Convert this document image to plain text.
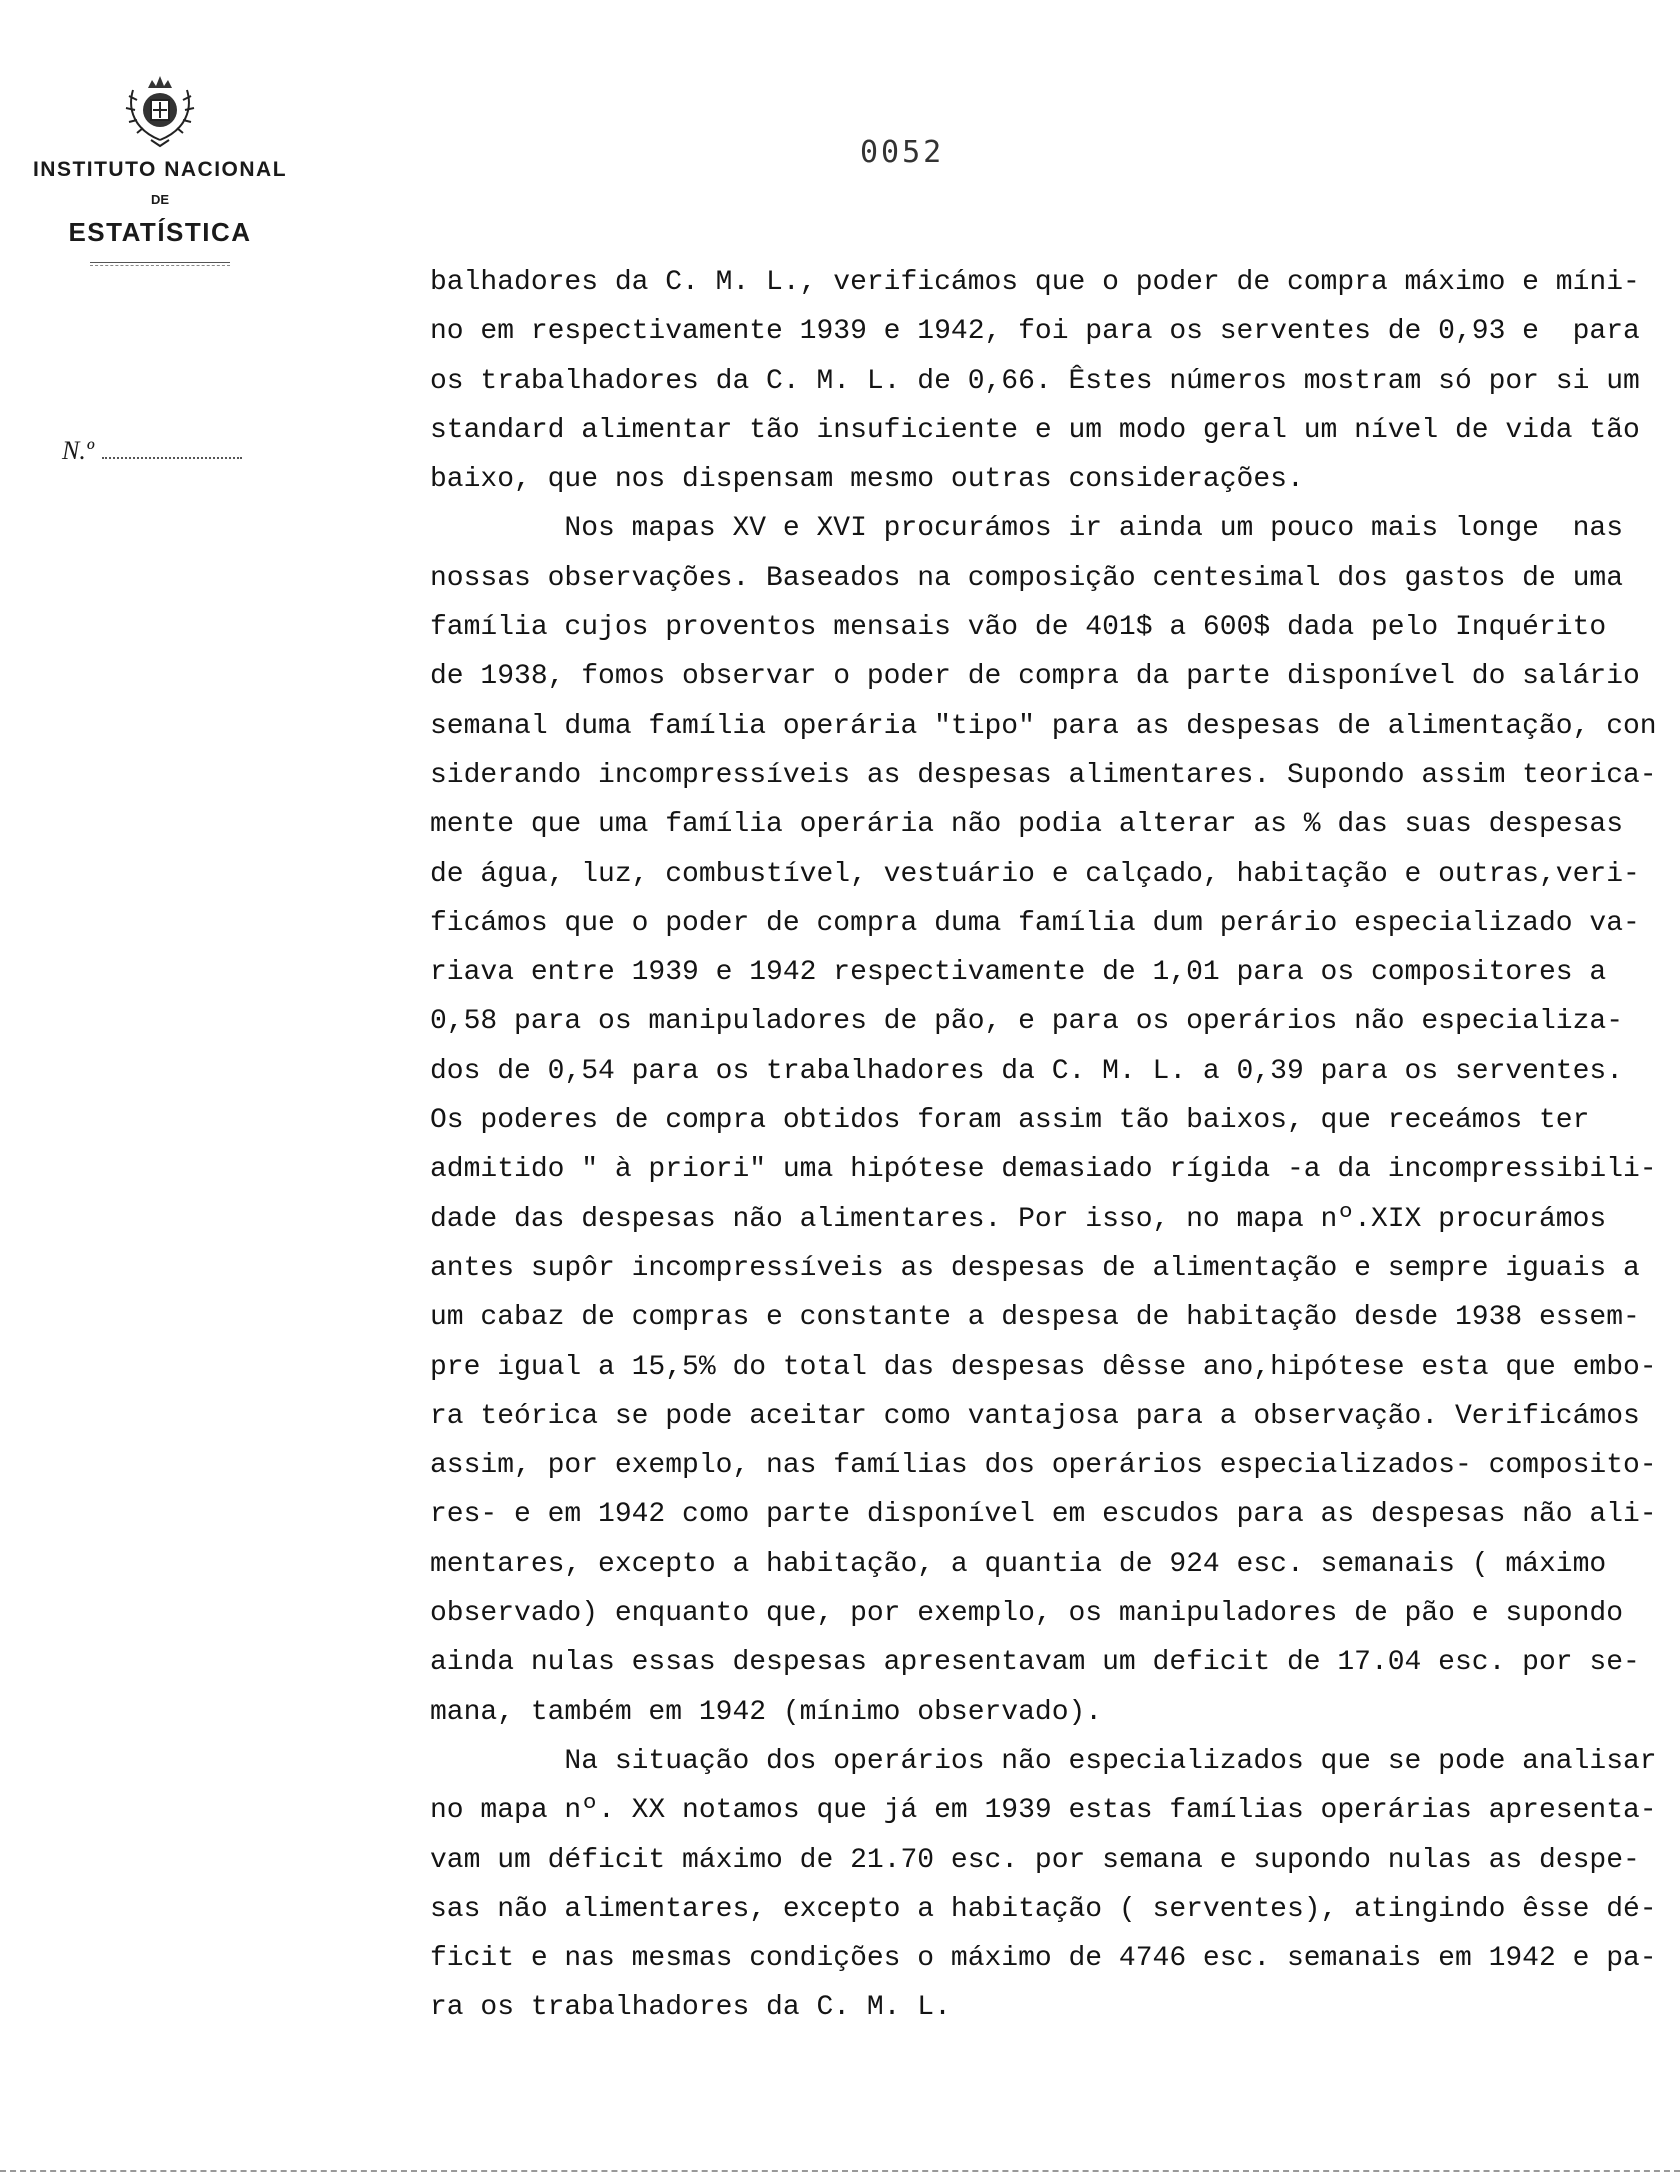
INSTITUTO NACIONAL
DE
ESTATÍSTICA
N.º
0052
balhadores da C. M. L., verificámos que o poder de compra máximo e míni-
no em respectivamente 1939 e 1942, foi para os serventes de 0,93 e  para
os trabalhadores da C. M. L. de 0,66. Êstes números mostram só por si um
standard alimentar tão insuficiente e um modo geral um nível de vida tão
baixo, que nos dispensam mesmo outras considerações.
Nos mapas XV e XVI procurámos ir ainda um pouco mais longe  nas
nossas observações. Baseados na composição centesimal dos gastos de uma
família cujos proventos mensais vão de 401$ a 600$ dada pelo Inquérito
de 1938, fomos observar o poder de compra da parte disponível do salário
semanal duma família operária "tipo" para as despesas de alimentação, con
siderando incompressíveis as despesas alimentares. Supondo assim teorica-
mente que uma família operária não podia alterar as % das suas despesas
de água, luz, combustível, vestuário e calçado, habitação e outras,veri-
ficámos que o poder de compra duma família dum perário especializado va-
riava entre 1939 e 1942 respectivamente de 1,01 para os compositores a
0,58 para os manipuladores de pão, e para os operários não especializa-
dos de 0,54 para os trabalhadores da C. M. L. a 0,39 para os serventes.
Os poderes de compra obtidos foram assim tão baixos, que receámos ter
admitido " à priori" uma hipótese demasiado rígida -a da incompressibili-
dade das despesas não alimentares. Por isso, no mapa nº.XIX procurámos
antes supôr incompressíveis as despesas de alimentação e sempre iguais a
um cabaz de compras e constante a despesa de habitação desde 1938 essem-
pre igual a 15,5% do total das despesas dêsse ano,hipótese esta que embo-
ra teórica se pode aceitar como vantajosa para a observação. Verificámos
assim, por exemplo, nas famílias dos operários especializados- composito-
res- e em 1942 como parte disponível em escudos para as despesas não ali-
mentares, excepto a habitação, a quantia de 924 esc. semanais ( máximo
observado) enquanto que, por exemplo, os manipuladores de pão e supondo
ainda nulas essas despesas apresentavam um deficit de 17.04 esc. por se-
mana, também em 1942 (mínimo observado).
Na situação dos operários não especializados que se pode analisar
no mapa nº. XX notamos que já em 1939 estas famílias operárias apresenta-
vam um déficit máximo de 21.70 esc. por semana e supondo nulas as despe-
sas não alimentares, excepto a habitação ( serventes), atingindo êsse dé-
ficit e nas mesmas condições o máximo de 4746 esc. semanais em 1942 e pa-
ra os trabalhadores da C. M. L.
